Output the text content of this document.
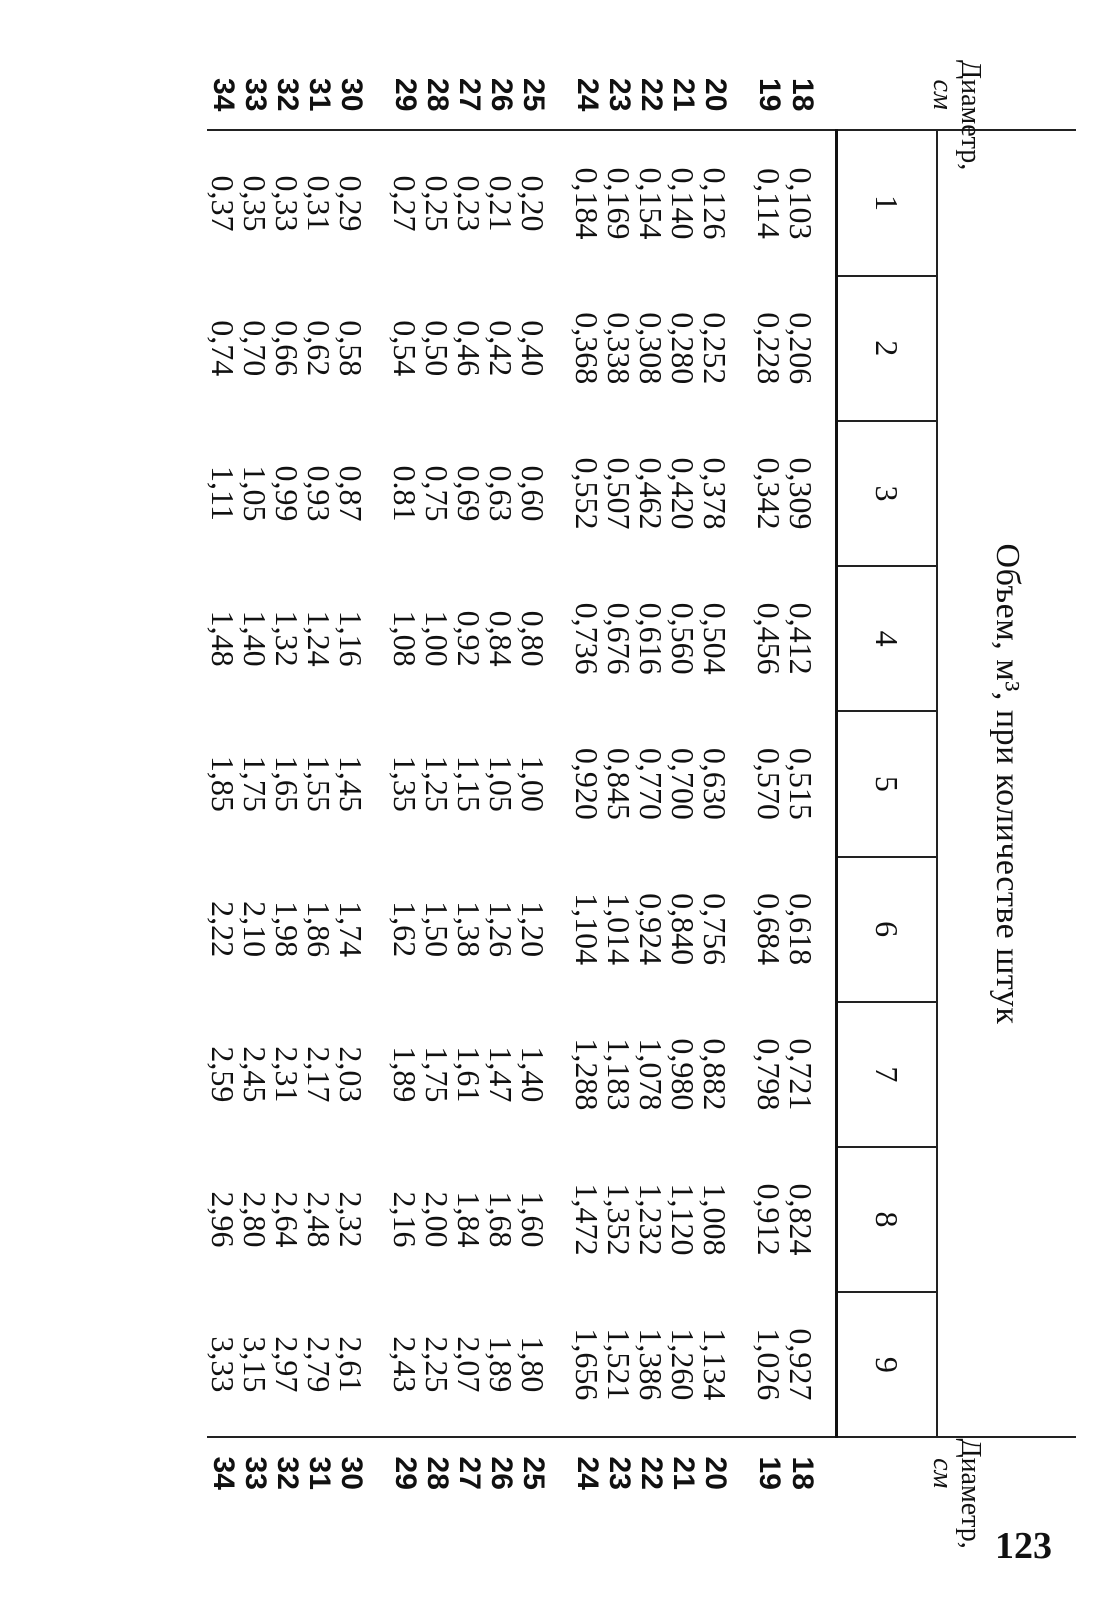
Диаметр,
см	Объем, м³, при количестве штук									Диаметр,
см

	1	2	3	4	5	6	7	8	9	
18	0,103	0,206	0,309	0,412	0,515	0,618	0,721	0,824	0,927	18
19	0,114	0,228	0,342	0,456	0,570	0,684	0,798	0,912	1,026	19
20	0,126	0,252	0,378	0,504	0,630	0,756	0,882	1,008	1,134	20
21	0,140	0,280	0,420	0,560	0,700	0,840	0,980	1,120	1,260	21
22	0,154	0,308	0,462	0,616	0,770	0,924	1,078	1,232	1,386	22
23	0,169	0,338	0,507	0,676	0,845	1,014	1,183	1,352	1,521	23
24	0,184	0,368	0,552	0,736	0,920	1,104	1,288	1,472	1,656	24
25	0,20	0,40	0,60	0,80	1,00	1,20	1,40	1,60	1,80	25
26	0,21	0,42	0,63	0,84	1,05	1,26	1,47	1,68	1,89	26
27	0,23	0,46	0,69	0,92	1,15	1,38	1,61	1,84	2,07	27
28	0,25	0,50	0,75	1,00	1,25	1,50	1,75	2,00	2,25	28
29	0,27	0,54	0.81	1,08	1,35	1,62	1,89	2,16	2,43	29
30	0,29	0,58	0,87	1,16	1,45	1,74	2,03	2,32	2,61	30
31	0,31	0,62	0,93	1,24	1,55	1,86	2,17	2,48	2,79	31
32	0,33	0,66	0,99	1,32	1,65	1,98	2,31	2,64	2,97	32
33	0,35	0,70	1,05	1,40	1,75	2,10	2,45	2,80	3,15	33
34	0,37	0,74	1,11	1,48	1,85	2,22	2,59	2,96	3,33	34
123
